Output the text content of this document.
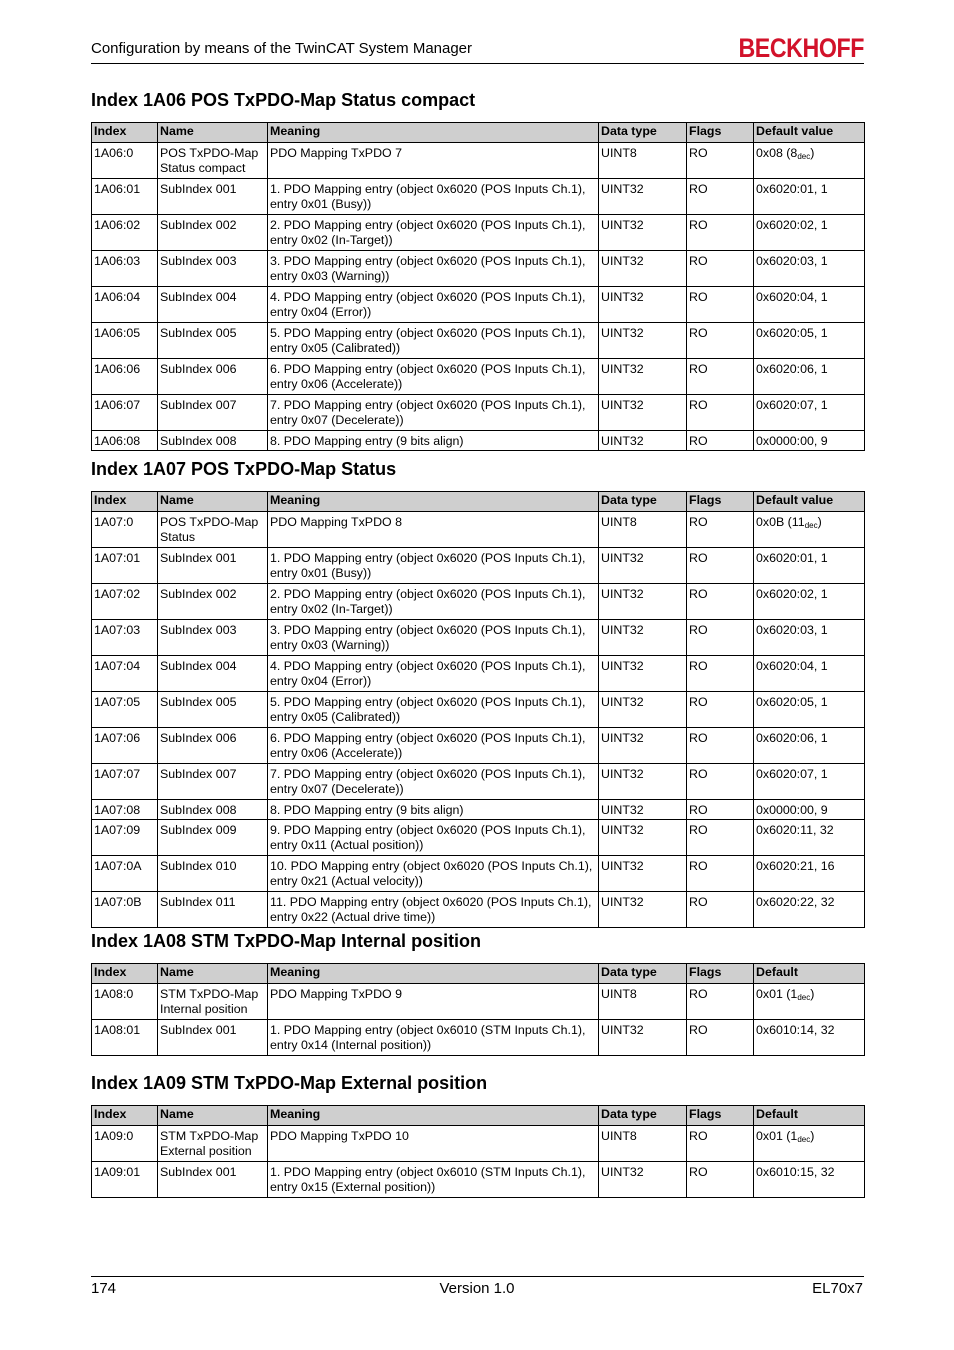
Configuration by means of the TwinCAT System Manager	BECKHOFF
Index 1A06 POS TxPDO-Map Status compact
Index	Name	Meaning	Data type	Flags	Default value
1A06:0	POS TxPDO-Map Status compact	PDO Mapping TxPDO 7	UINT8	RO	0x08 $(8_{dec})$
1A06:01	SubIndex 001	1. PDO Mapping entry (object 0x6020 (POS Inputs Ch.1), entry 0x01 (Busy))	UINT32	RO	0x6020:01, 1
1A06:02	SubIndex 002	2. PDO Mapping entry (object 0x6020 (POS Inputs Ch.1), entry 0x02 (In-Target))	UINT32	RO	0x6020:02, 1
1A06:03	SubIndex 003	3. PDO Mapping entry (object 0x6020 (POS Inputs Ch.1), entry 0x03 (Warning))	UINT32	RO	0x6020:03, 1
1A06:04	SubIndex 004	4. PDO Mapping entry (object 0x6020 (POS Inputs Ch.1), entry 0x04 (Error))	UINT32	RO	0x6020:04, 1
1A06:05	SubIndex 005	5. PDO Mapping entry (object 0x6020 (POS Inputs Ch.1), entry 0x05 (Calibrated))	UINT32	RO	0x6020:05, 1
1A06:06	SubIndex 006	6. PDO Mapping entry (object 0x6020 (POS Inputs Ch.1), entry 0x06 (Accelerate))	UINT32	RO	0x6020:06, 1
1A06:07	SubIndex 007	7. PDO Mapping entry (object 0x6020 (POS Inputs Ch.1), entry 0x07 (Decelerate))	UINT32	RO	0x6020:07, 1
1A06:08	SubIndex 008	8. PDO Mapping entry (9 bits align)	UINT32	RO	0x0000:00, 9
Index 1A07 POS TxPDO-Map Status
Index	Name	Meaning	Data type	Flags	Default value
1A07:0	POS TxPDO-Map Status	PDO Mapping TxPDO 8	UINT8	RO	0x0B $(11_{dec})$
1A07:01	SubIndex 001	1. PDO Mapping entry (object 0x6020 (POS Inputs Ch.1), entry 0x01 (Busy))	UINT32	RO	0x6020:01, 1
1A07:02	SubIndex 002	2. PDO Mapping entry (object 0x6020 (POS Inputs Ch.1), entry 0x02 (In-Target))	UINT32	RO	0x6020:02, 1
1A07:03	SubIndex 003	3. PDO Mapping entry (object 0x6020 (POS Inputs Ch.1), entry 0x03 (Warning))	UINT32	RO	0x6020:03, 1
1A07:04	SubIndex 004	4. PDO Mapping entry (object 0x6020 (POS Inputs Ch.1), entry 0x04 (Error))	UINT32	RO	0x6020:04, 1
1A07:05	SubIndex 005	5. PDO Mapping entry (object 0x6020 (POS Inputs Ch.1), entry 0x05 (Calibrated))	UINT32	RO	0x6020:05, 1
1A07:06	SubIndex 006	6. PDO Mapping entry (object 0x6020 (POS Inputs Ch.1), entry 0x06 (Accelerate))	UINT32	RO	0x6020:06, 1
1A07:07	SubIndex 007	7. PDO Mapping entry (object 0x6020 (POS Inputs Ch.1), entry 0x07 (Decelerate))	UINT32	RO	0x6020:07, 1
1A07:08	SubIndex 008	8. PDO Mapping entry (9 bits align)	UINT32	RO	0x0000:00, 9
1A07:09	SubIndex 009	9. PDO Mapping entry (object 0x6020 (POS Inputs Ch.1), entry 0x11 (Actual position))	UINT32	RO	0x6020:11, 32
1A07:0A	SubIndex 010	10. PDO Mapping entry (object 0x6020 (POS Inputs Ch.1), entry 0x21 (Actual velocity))	UINT32	RO	0x6020:21, 16
1A07:0B	SubIndex 011	11. PDO Mapping entry (object 0x6020 (POS Inputs Ch.1), entry 0x22 (Actual drive time))	UINT32	RO	0x6020:22, 32
Index 1A08 STM TxPDO-Map Internal position
Index	Name	Meaning	Data type	Flags	Default
1A08:0	STM TxPDO-Map Internal position	PDO Mapping TxPDO 9	UINT8	RO	0x01 $(1_{dec})$
1A08:01	SubIndex 001	1. PDO Mapping entry (object 0x6010 (STM Inputs Ch.1), entry 0x14 (Internal position))	UINT32	RO	0x6010:14, 32
Index 1A09 STM TxPDO-Map External position
Index	Name	Meaning	Data type	Flags	Default
1A09:0	STM TxPDO-Map External position	PDO Mapping TxPDO 10	UINT8	RO	0x01 $(1_{dec})$
1A09:01	SubIndex 001	1. PDO Mapping entry (object 0x6010 (STM Inputs Ch.1), entry 0x15 (External position))	UINT32	RO	0x6010:15, 32
174	Version 1.0	EL70x7
